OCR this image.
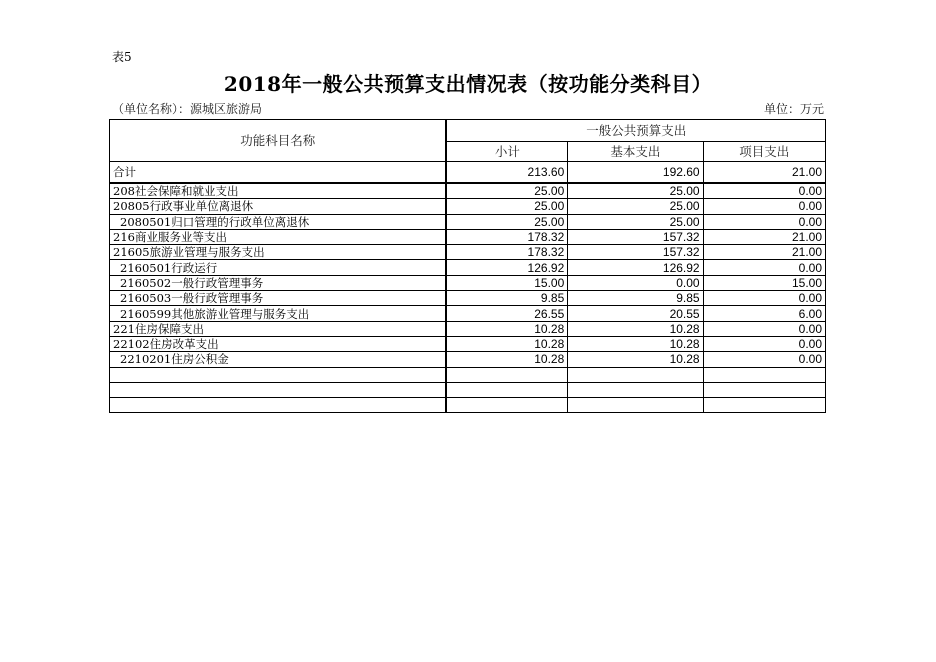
表5
2018年一般公共预算支出情况表（按功能分类科目）
（单位名称）：源城区旅游局	单位：万元
功能科目名称	一般公共预算支出		
	小计	基本支出	项目支出
合计	213.60	192.60	21.00
208社会保障和就业支出	25.00	25.00	0.00
20805行政事业单位离退休	25.00	25.00	0.00
2080501归口管理的行政单位离退休	25.00	25.00	0.00
216商业服务业等支出	178.32	157.32	21.00
21605旅游业管理与服务支出	178.32	157.32	21.00
2160501行政运行	126.92	126.92	0.00
2160502一般行政管理事务	15.00	0.00	15.00
2160503一般行政管理事务	9.85	9.85	0.00
2160599其他旅游业管理与服务支出	26.55	20.55	6.00
221住房保障支出	10.28	10.28	0.00
22102住房改革支出	10.28	10.28	0.00
2210201住房公积金	10.28	10.28	0.00
